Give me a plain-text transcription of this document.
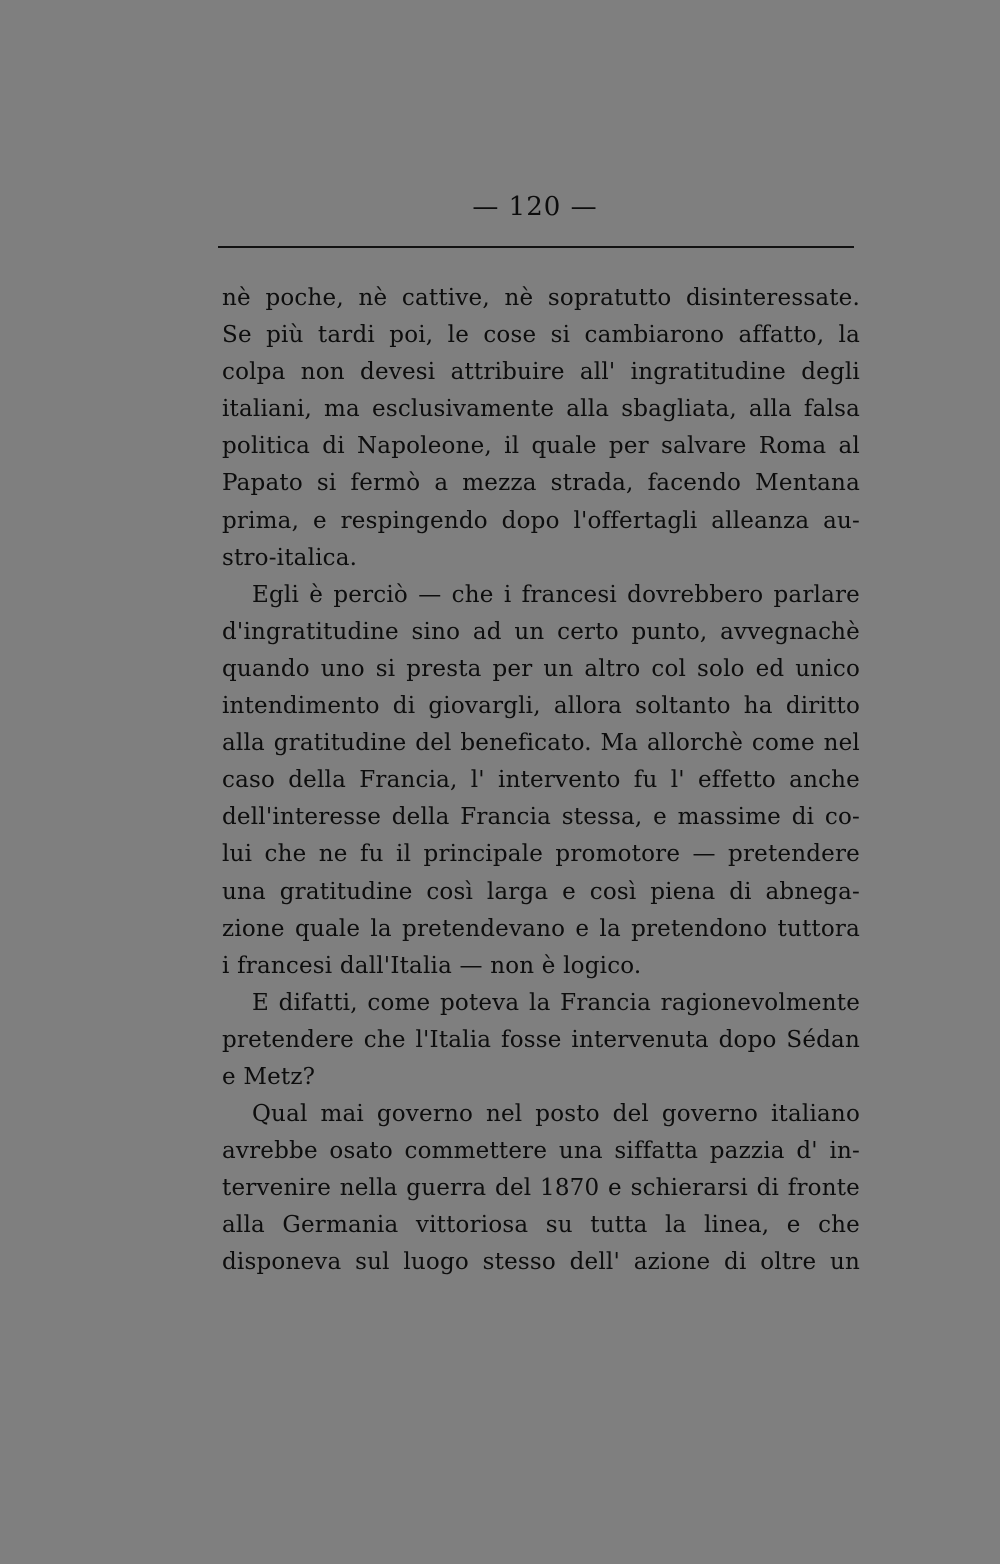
— 120 —
nè poche, nè cattive, nè sopratutto disinteressate.
Se più tardi poi, le cose si cambiarono affatto, la
colpa non devesi attribuire all' ingratitudine degli
italiani, ma esclusivamente alla sbagliata, alla falsa
politica di Napoleone, il quale per salvare Roma al
Papato si fermò a mezza strada, facendo Mentana
prima, e respingendo dopo l'offertagli alleanza au-
stro-italica.
Egli è perciò — che i francesi dovrebbero parlare
d'ingratitudine sino ad un certo punto, avvegnachè
quando uno si presta per un altro col solo ed unico
intendimento di giovargli, allora soltanto ha diritto
alla gratitudine del beneficato. Ma allorchè come nel
caso della Francia, l' intervento fu l' effetto anche
dell'interesse della Francia stessa, e massime di co-
lui che ne fu il principale promotore — pretendere
una gratitudine così larga e così piena di abnega-
zione quale la pretendevano e la pretendono tuttora
i francesi dall'Italia — non è logico.
E difatti, come poteva la Francia ragionevolmente
pretendere che l'Italia fosse intervenuta dopo Sédan
e Metz?
Qual mai governo nel posto del governo italiano
avrebbe osato commettere una siffatta pazzia d' in-
tervenire nella guerra del 1870 e schierarsi di fronte
alla Germania vittoriosa su tutta la linea, e che
disponeva sul luogo stesso dell' azione di oltre un
